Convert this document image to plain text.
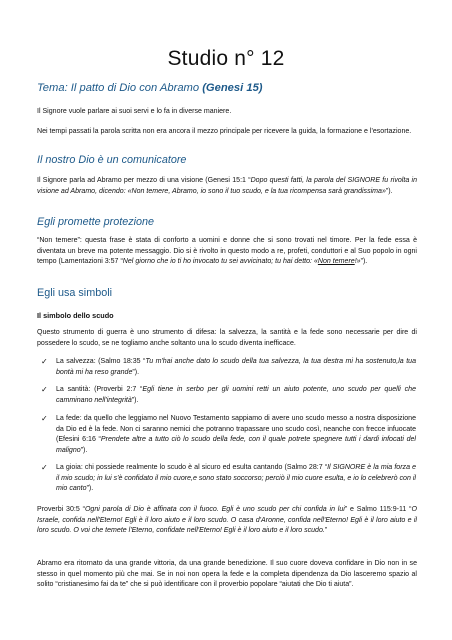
Studio n° 12

Tema: Il patto di Dio con Abramo (Genesi 15)

Il Signore vuole parlare ai suoi servi e lo fa in diverse maniere.

Nei tempi passati la parola scritta non era ancora il mezzo principale per ricevere la guida, la formazione e l'esortazione.

Il nostro Dio è un comunicatore

Il Signore parla ad Abramo per mezzo di una visione (Genesi 15:1 “Dopo questi fatti, la parola del SIGNORE fu rivolta in visione ad Abramo, dicendo: «Non temere, Abramo, io sono il tuo scudo, e la tua ricompensa sarà grandissima»”).

Egli promette protezione

“Non temere”: questa frase è stata di conforto a uomini e donne che si sono trovati nel timore. Per la fede essa è diventata un breve ma potente messaggio. Dio si è rivolto in questo modo a re, profeti, conduttori e al Suo popolo in ogni tempo (Lamentazioni 3:57 “Nel giorno che io ti ho invocato tu sei avvicinato; tu hai detto: «Non temere!»”).

Egli usa simboli

Il simbolo dello scudo

Questo strumento di guerra è uno strumento di difesa: la salvezza, la santità e la fede sono necessarie per dire di possedere lo scudo, se ne togliamo anche soltanto una lo scudo diventa inefficace.

✓	La salvezza: (Salmo 18:35 “Tu m'hai anche dato lo scudo della tua salvezza, la tua destra mi ha sostenuto,la tua bontà mi ha reso grande”).
✓	La santità: (Proverbi 2:7 “Egli tiene in serbo per gli uomini retti un aiuto potente, uno scudo per quelli che camminano nell'integrità”).
✓	La fede: da quello che leggiamo nel Nuovo Testamento sappiamo di avere uno scudo messo a nostra disposizione da Dio ed è la fede. Non ci saranno nemici che potranno trapassare uno scudo così, neanche con frecce infuocate (Efesini 6:16 “Prendete altre a tutto ciò lo scudo della fede, con il quale potrete spegnere tutti i dardi infocati del maligno”).
✓	La gioia: chi possiede realmente lo scudo è al sicuro ed esulta cantando (Salmo 28:7 “Il SIGNORE è la mia forza e il mio scudo; in lui s'è confidato il mio cuore,e sono stato soccorso; perciò il mio cuore esulta, e io lo celebrerò con il mio canto”).

Proverbi 30:5 “Ogni parola di Dio è affinata con il fuoco. Egli è uno scudo per chi confida in lui” e Salmo 115:9-11 “O Israele, confida nell'Eterno! Egli è il loro aiuto e il loro scudo. O casa d'Aronne, confida nell'Eterno! Egli è il loro aiuto e il loro scudo. O voi che temete l'Eterno, confidate nell'Eterno! Egli è il loro aiuto e il loro scudo.”

Abramo era ritornato da una grande vittoria, da una grande benedizione. Il suo cuore doveva confidare in Dio non in se stesso in quel momento più che mai. Se in noi non opera la fede e la completa dipendenza da Dio lasceremo spazio al solito “cristianesimo fai da te” che si può identificare con il proverbio popolare “aiutati che Dio ti aiuta”.
